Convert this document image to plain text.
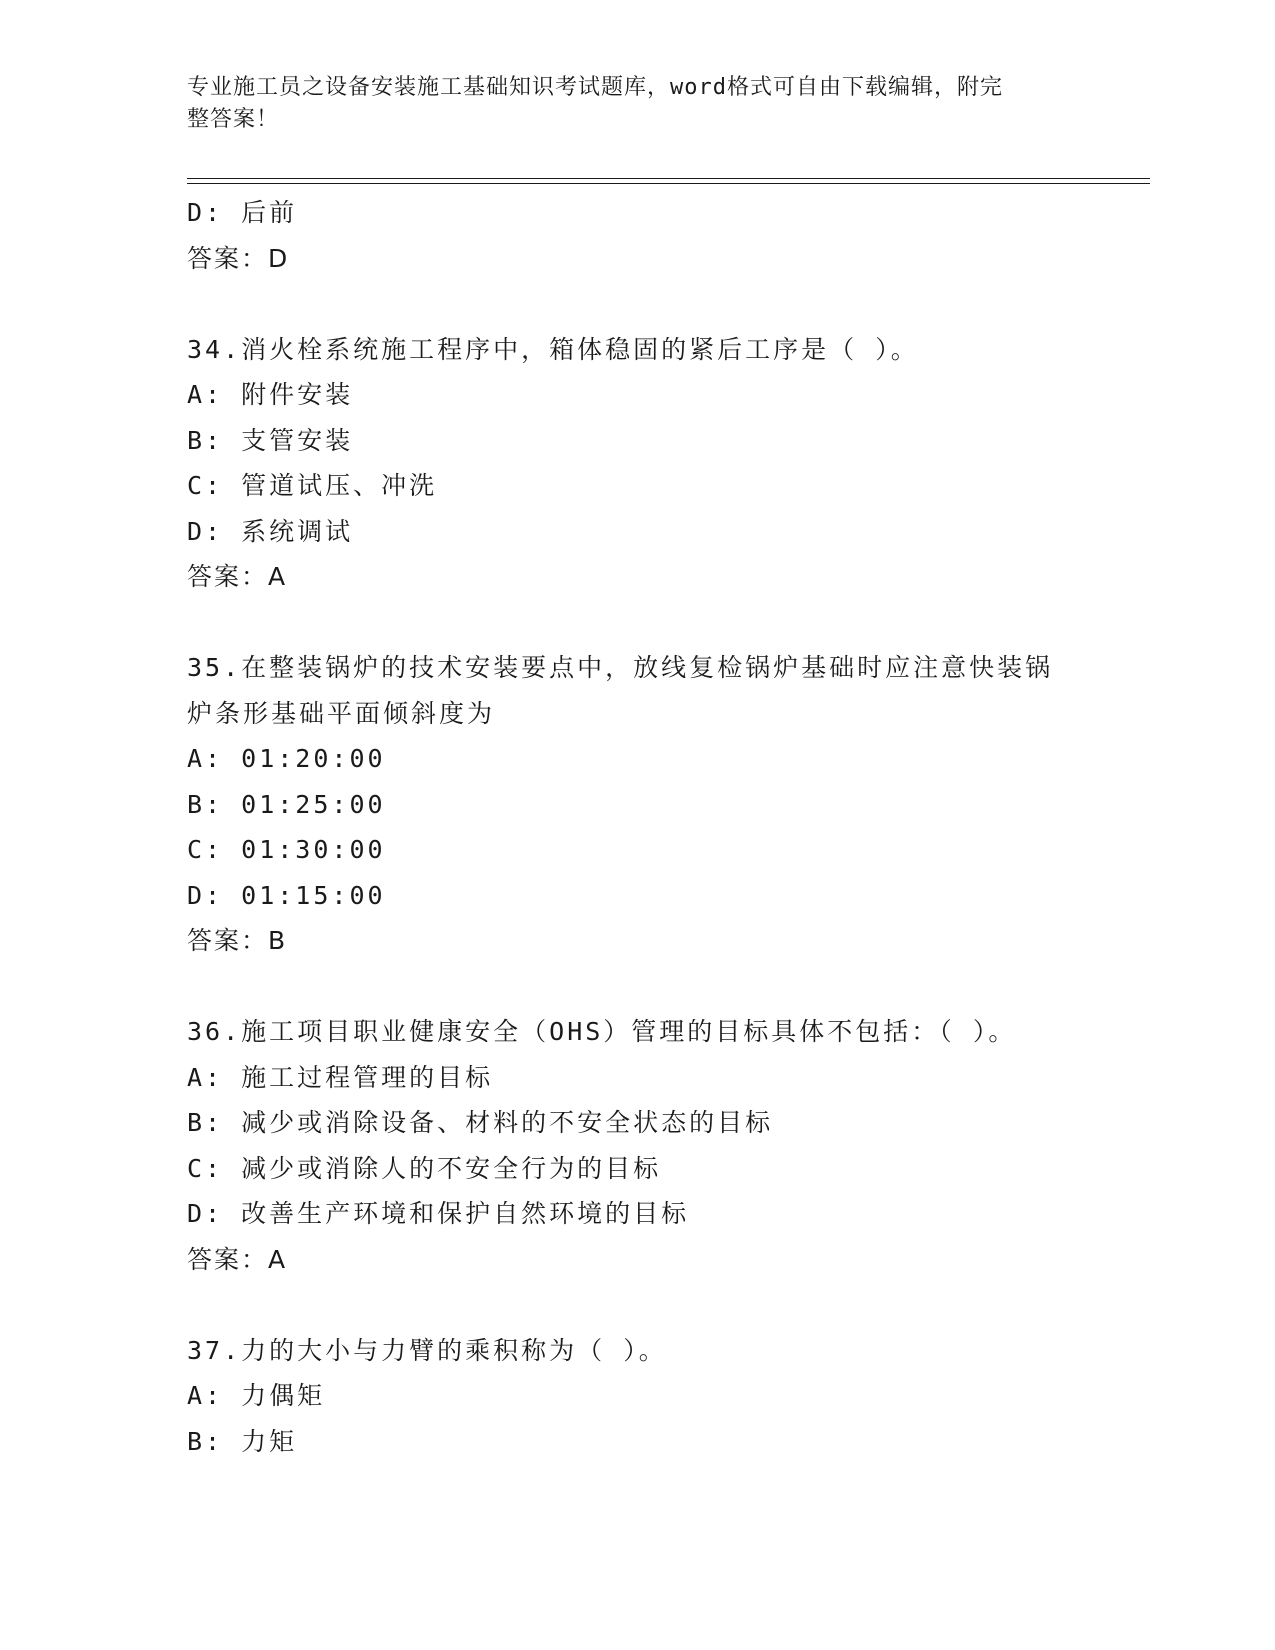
专业施工员之设备安装施工基础知识考试题库，word格式可自由下载编辑，附完
整答案！
D: 后前
答案：D
34.消火栓系统施工程序中，箱体稳固的紧后工序是（ ）。
A: 附件安装
B: 支管安装
C: 管道试压、冲洗
D: 系统调试
答案：A
35.在整装锅炉的技术安装要点中，放线复检锅炉基础时应注意快装锅
炉条形基础平面倾斜度为
A: 01:20:00
B: 01:25:00
C: 01:30:00
D: 01:15:00
答案：B
36.施工项目职业健康安全（OHS）管理的目标具体不包括：（ ）。
A: 施工过程管理的目标
B: 减少或消除设备、材料的不安全状态的目标
C: 减少或消除人的不安全行为的目标
D: 改善生产环境和保护自然环境的目标
答案：A
37.力的大小与力臂的乘积称为（ ）。
A: 力偶矩
B: 力矩
